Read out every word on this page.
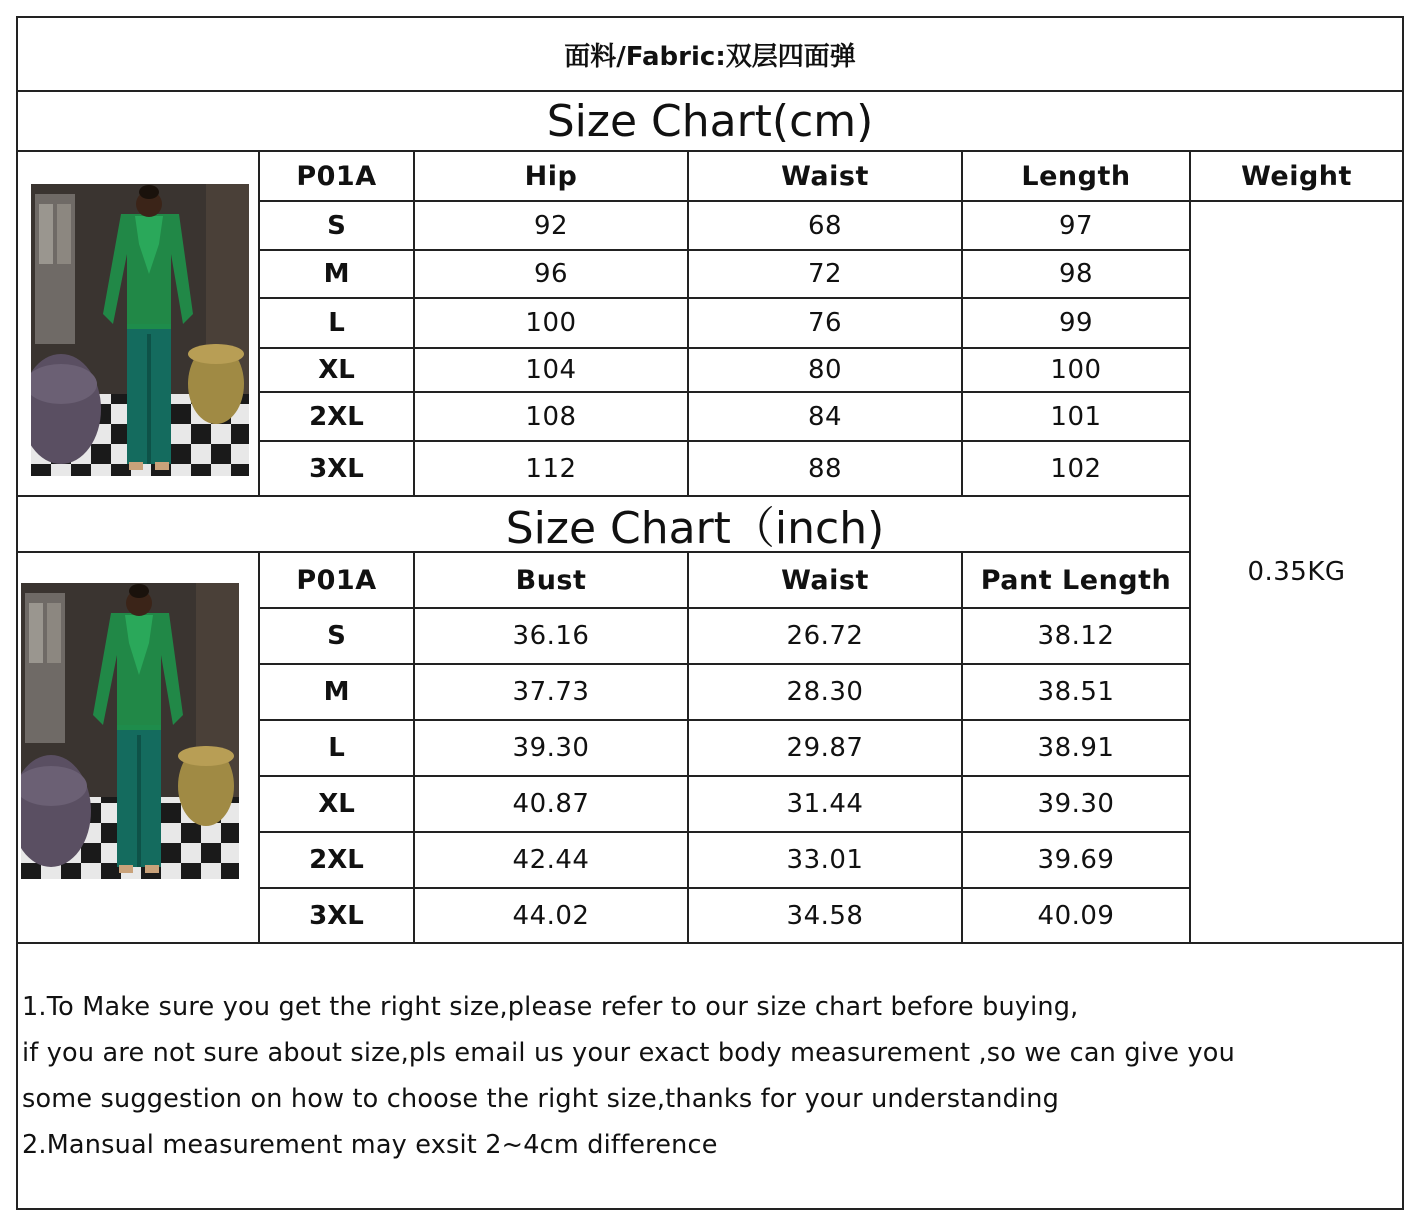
面料/Fabric:双层四面弹
Size Chart(cm)
P01A	Hip	Waist	Length	Weight
S	92	68	97
M	96	72	98
L	100	76	99
XL	104	80	100
2XL	108	84	101
3XL	112	88	102
0.35KG
Size Chart（inch)
P01A	Bust	Waist	Pant Length
S	36.16	26.72	38.12
M	37.73	28.30	38.51
L	39.30	29.87	38.91
XL	40.87	31.44	39.30
2XL	42.44	33.01	39.69
3XL	44.02	34.58	40.09
1.To Make sure you get the right size,please refer to our size chart before buying,
if you are not sure about size,pls email us your exact body measurement ,so we can give you
some suggestion on how to choose the right size,thanks for your understanding
2.Mansual measurement may exsit 2~4cm difference
